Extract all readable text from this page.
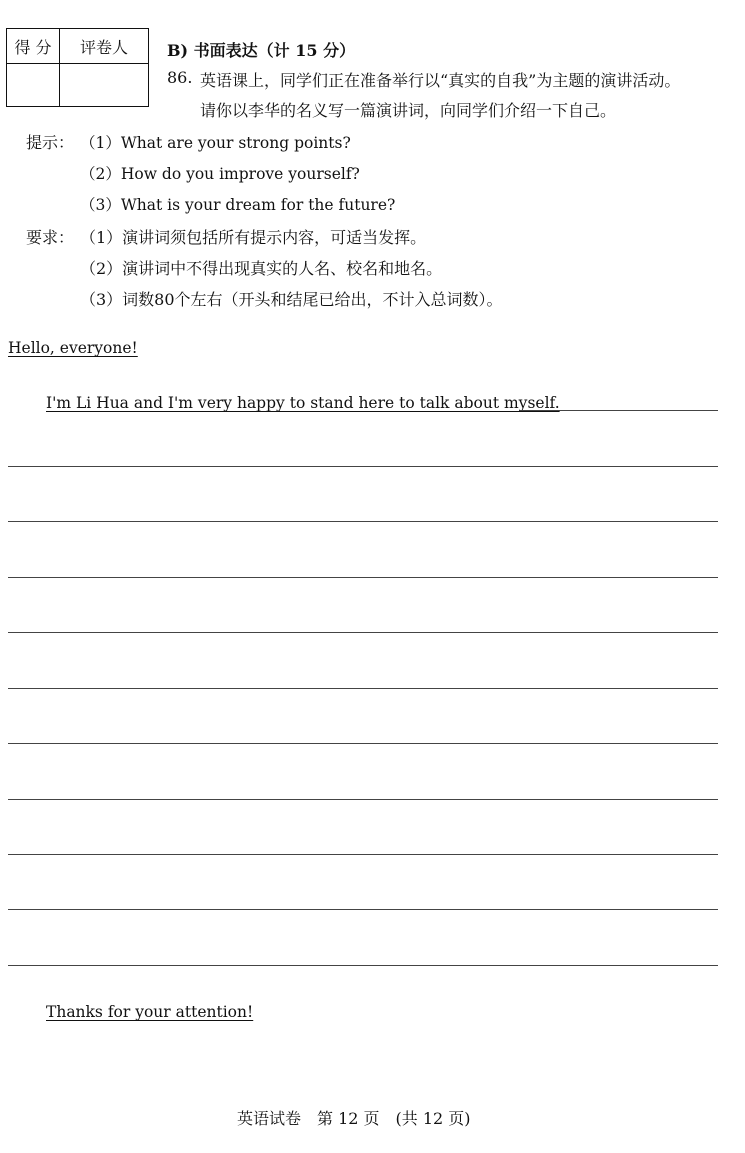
得 分	评卷人
	B) 书面表达（计 15 分）
86. 英语课上，同学们正在准备举行以“真实的自我”为主题的演讲活动。
请你以李华的名义写一篇演讲词，向同学们介绍一下自己。
提示： （1）What are your strong points?
（2）How do you improve yourself?
（3）What is your dream for the future?
要求： （1）演讲词须包括所有提示内容，可适当发挥。
（2）演讲词中不得出现真实的人名、校名和地名。
（3）词数80个左右（开头和结尾已给出，不计入总词数）。
Hello, everyone!
I'm Li Hua and I'm very happy to stand here to talk about myself.
Thanks for your attention!
英语试卷　第 12 页　(共 12 页)
